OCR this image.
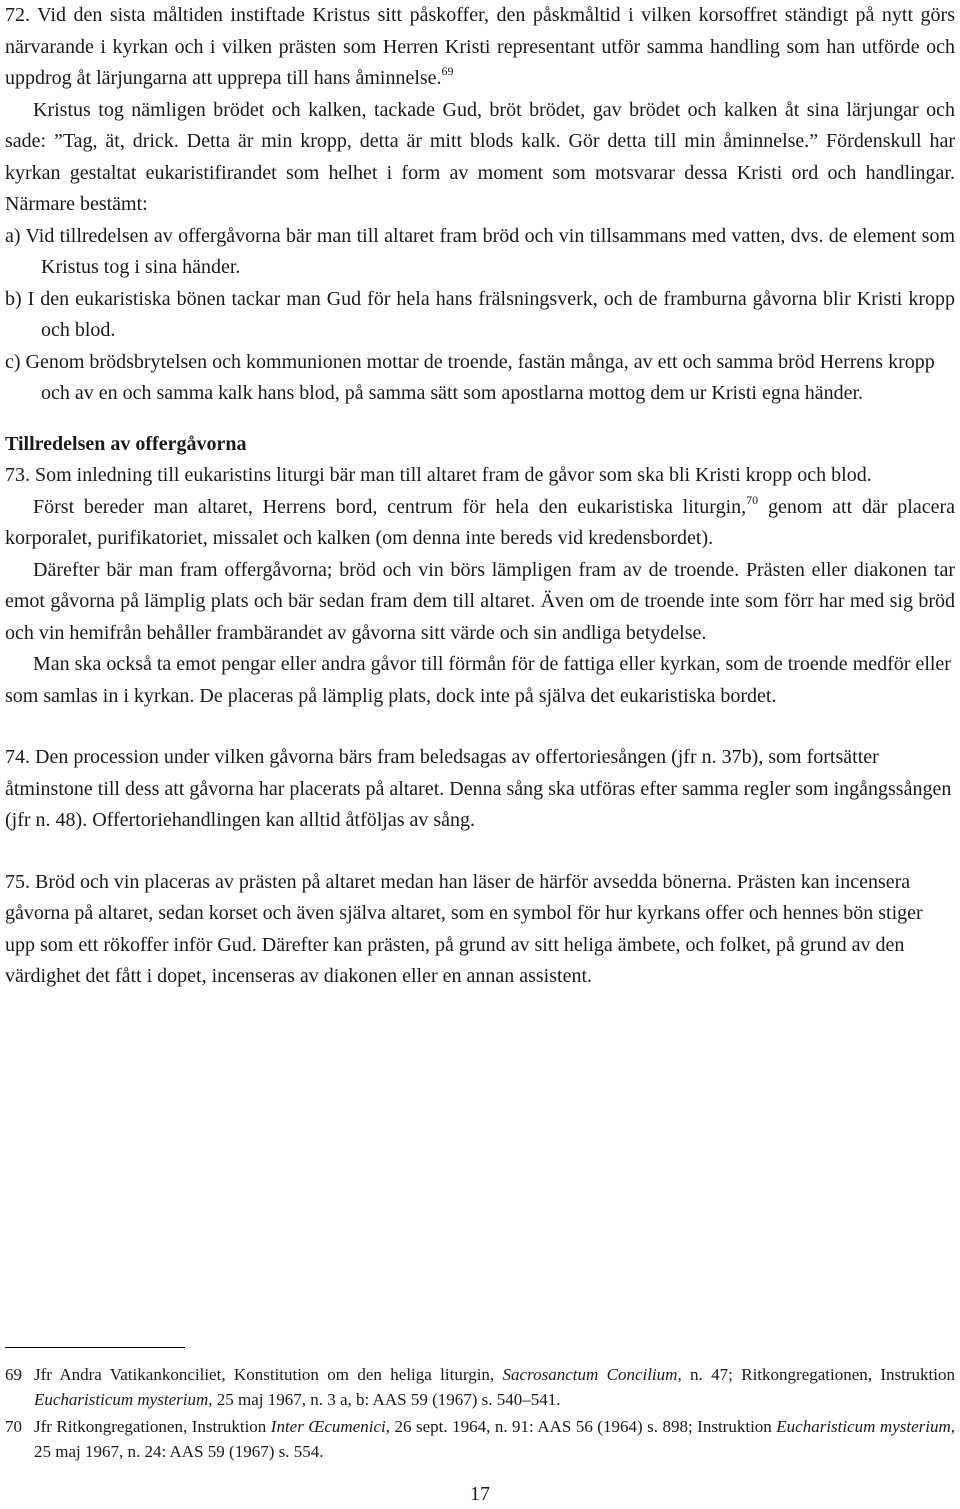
72. Vid den sista måltiden instiftade Kristus sitt påskoffer, den påskmåltid i vilken korsoffret ständigt på nytt görs närvarande i kyrkan och i vilken prästen som Herren Kristi representant utför samma handling som han utförde och uppdrog åt lärjungarna att upprepa till hans åminnelse.$^{69}$

Kristus tog nämligen brödet och kalken, tackade Gud, bröt brödet, gav brödet och kalken åt sina lärjungar och sade: ”Tag, ät, drick. Detta är min kropp, detta är mitt blods kalk. Gör detta till min åminnelse.” Fördenskull har kyrkan gestaltat eukaristifirandet som helhet i form av moment som motsvarar dessa Kristi ord och handlingar. Närmare bestämt:

a) Vid tillredelsen av offergåvorna bär man till altaret fram bröd och vin tillsammans med vatten, dvs. de element som Kristus tog i sina händer.

b) I den eukaristiska bönen tackar man Gud för hela hans frälsningsverk, och de framburna gåvorna blir Kristi kropp och blod.

c) Genom brödsbrytelsen och kommunionen mottar de troende, fastän många, av ett och samma bröd Herrens kropp och av en och samma kalk hans blod, på samma sätt som apostlarna mottog dem ur Kristi egna händer.

Tillredelsen av offergåvorna

73. Som inledning till eukaristins liturgi bär man till altaret fram de gåvor som ska bli Kristi kropp och blod.

Först bereder man altaret, Herrens bord, centrum för hela den eukaristiska liturgin,$^{70}$ genom att där placera korporalet, purifikatoriet, missalet och kalken (om denna inte bereds vid kredensbordet).

Därefter bär man fram offergåvorna; bröd och vin börs lämpligen fram av de troende. Prästen eller diakonen tar emot gåvorna på lämplig plats och bär sedan fram dem till altaret. Även om de troende inte som förr har med sig bröd och vin hemifrån behåller frambärandet av gåvorna sitt värde och sin andliga betydelse.

Man ska också ta emot pengar eller andra gåvor till förmån för de fattiga eller kyrkan, som de troende medför eller som samlas in i kyrkan. De placeras på lämplig plats, dock inte på själva det eukaristiska bordet.

74. Den procession under vilken gåvorna bärs fram beledsagas av offertoriesången (jfr n. 37b), som fortsätter åtminstone till dess att gåvorna har placerats på altaret. Denna sång ska utföras efter samma regler som ingångssången (jfr n. 48). Offertoriehandlingen kan alltid åtföljas av sång.

75. Bröd och vin placeras av prästen på altaret medan han läser de härför avsedda bönerna. Prästen kan incensera gåvorna på altaret, sedan korset och även själva altaret, som en symbol för hur kyrkans offer och hennes bön stiger upp som ett rökoffer inför Gud. Därefter kan prästen, på grund av sitt heliga ämbete, och folket, på grund av den värdighet det fått i dopet, incenseras av diakonen eller en annan assistent.

69 Jfr Andra Vatikankonciliet, Konstitution om den heliga liturgin, Sacrosanctum Concilium, n. 47; Ritkongregationen, Instruktion Eucharisticum mysterium, 25 maj 1967, n. 3 a, b: AAS 59 (1967) s. 540–541.
70 Jfr Ritkongregationen, Instruktion Inter Œcumenici, 26 sept. 1964, n. 91: AAS 56 (1964) s. 898; Instruktion Eucharisticum mysterium, 25 maj 1967, n. 24: AAS 59 (1967) s. 554.
17
